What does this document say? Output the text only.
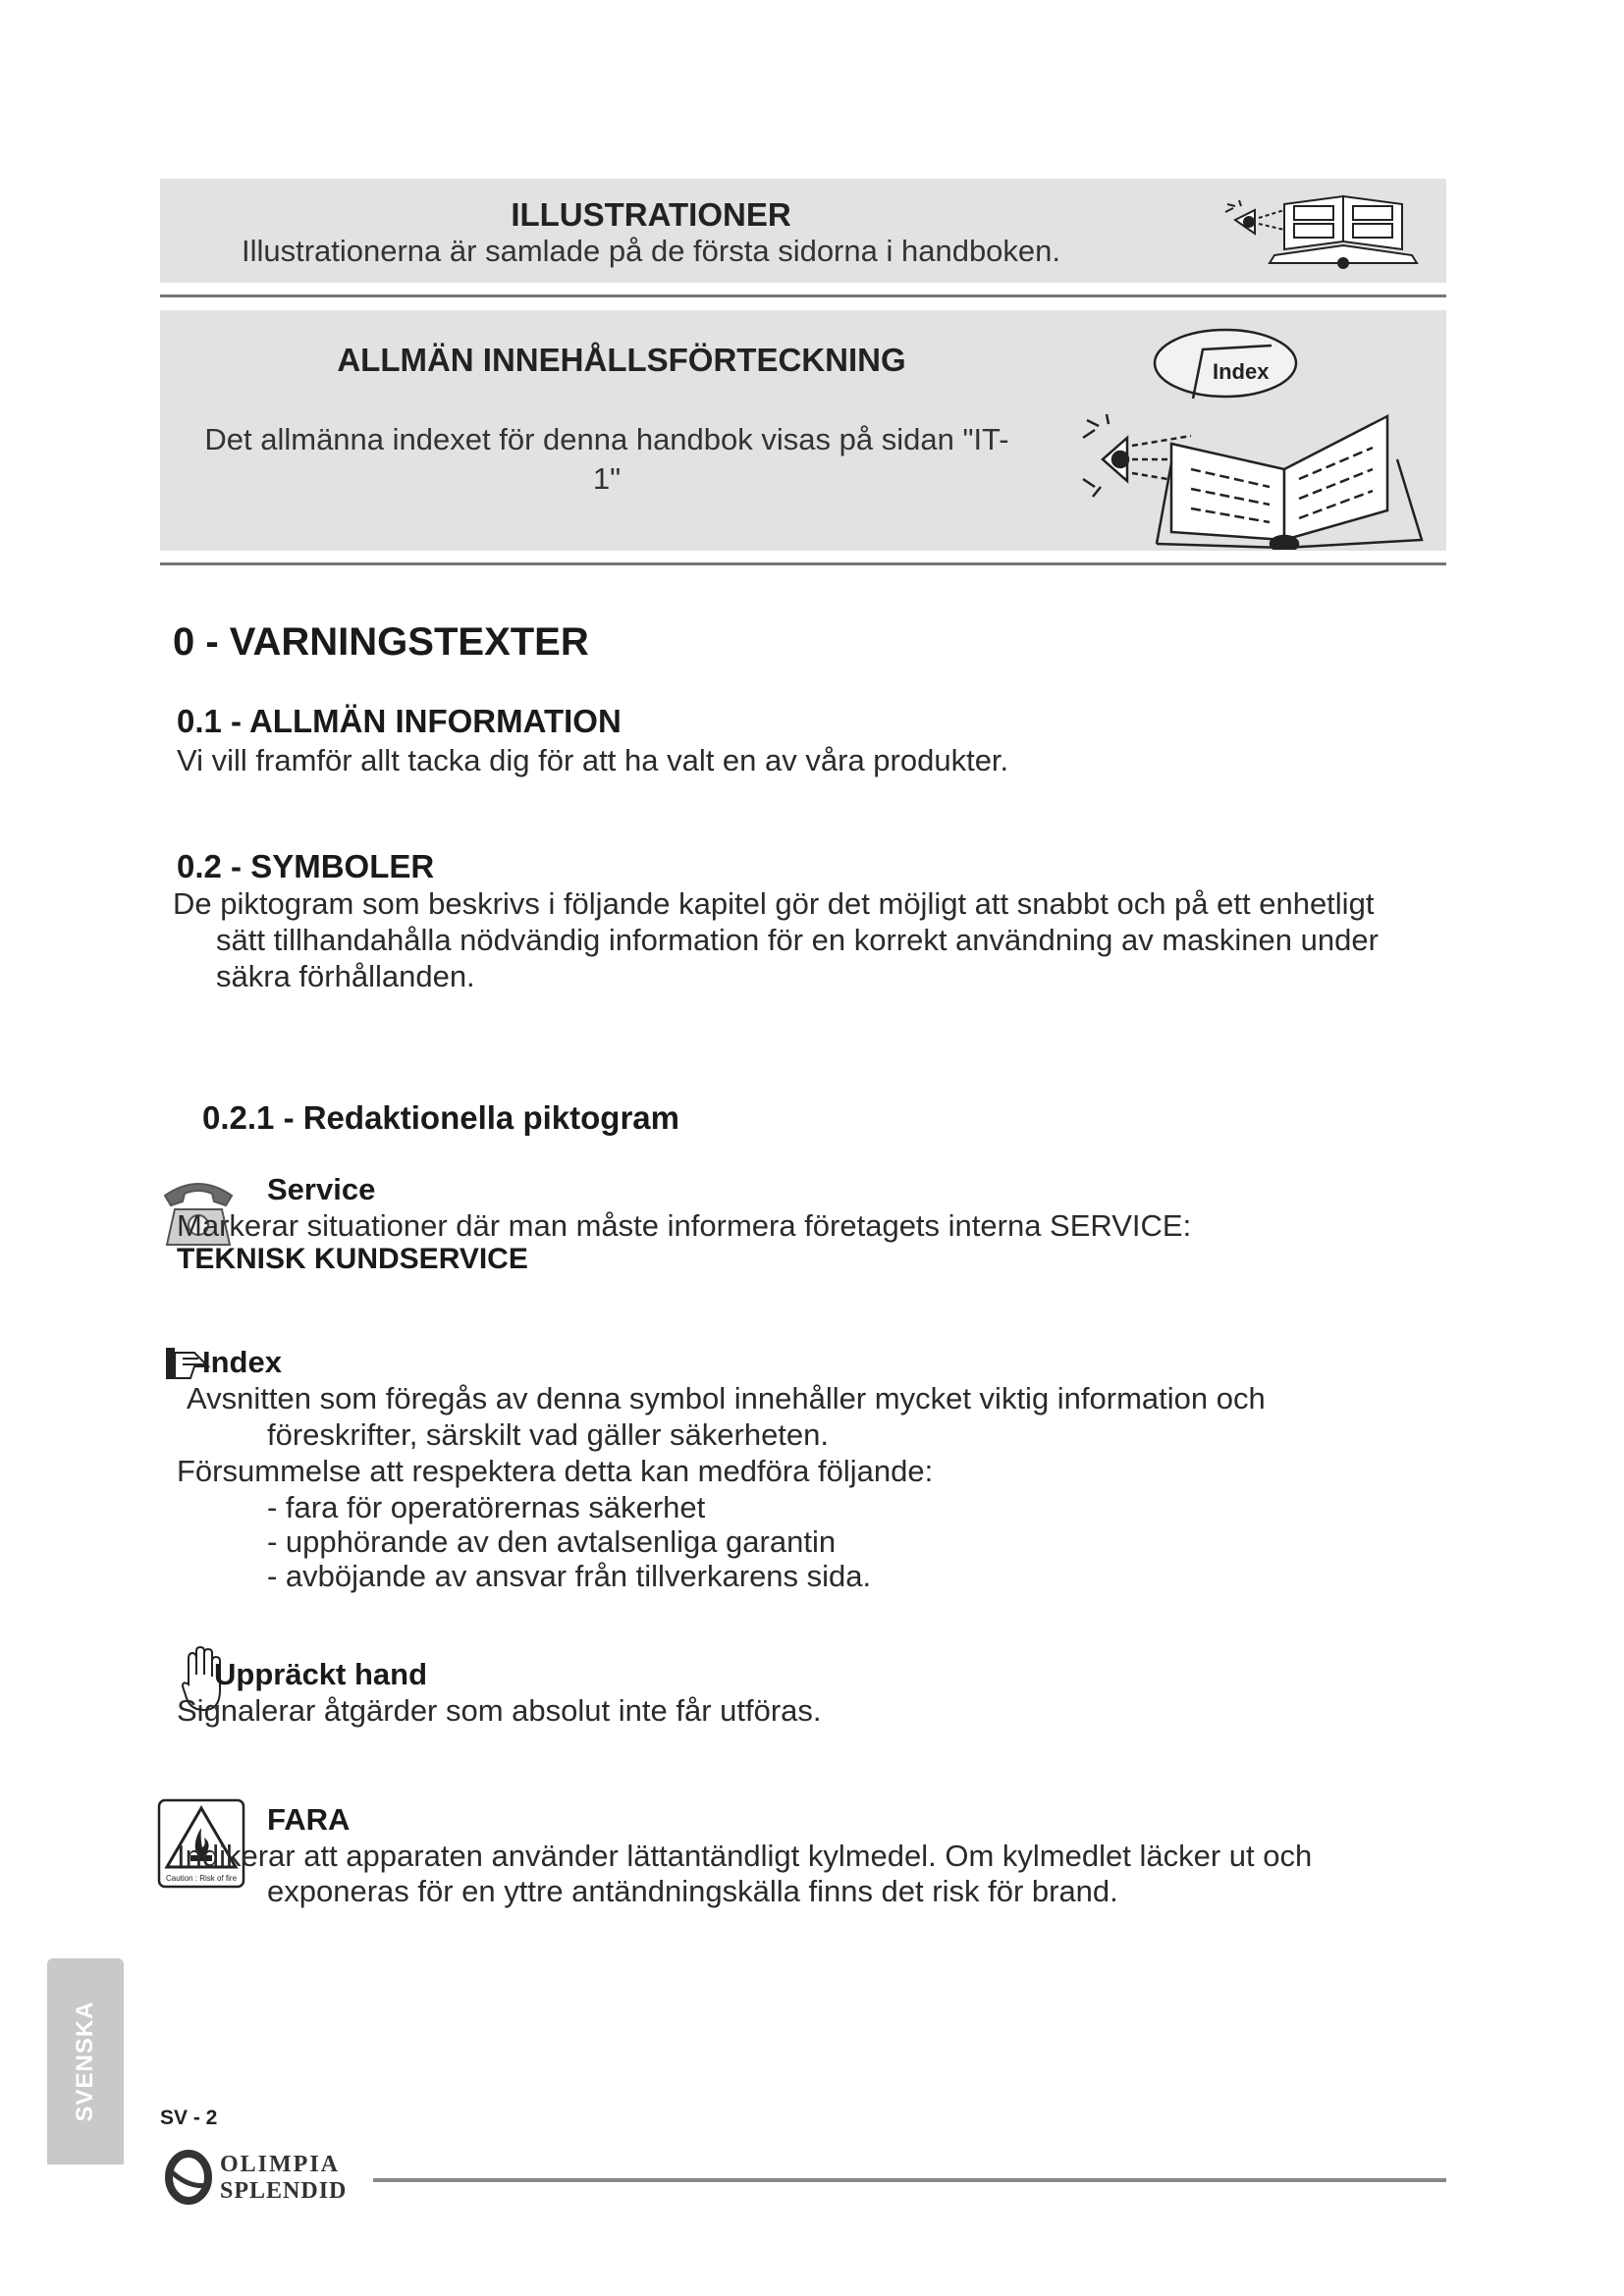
ILLUSTRATIONER
Illustrationerna är samlade på de första sidorna i handboken.
ALLMÄN INNEHÅLLSFÖRTECKNING
Det allmänna indexet för denna handbok visas på sidan "IT-
1"
Index
0 - VARNINGSTEXTER
0.1 - ALLMÄN INFORMATION
Vi vill framför allt tacka dig för att ha valt en av våra produkter.
0.2 - SYMBOLER
De piktogram som beskrivs i följande kapitel gör det möjligt att snabbt och på ett enhetligt
sätt tillhandahålla nödvändig information för en korrekt användning av maskinen under
säkra förhållanden.
0.2.1 - Redaktionella piktogram
Service
Markerar situationer där man måste informera företagets interna SERVICE:
TEKNISK KUNDSERVICE
Index
Avsnitten som föregås av denna symbol innehåller mycket viktig information och
föreskrifter, särskilt vad gäller säkerheten.
Försummelse att respektera detta kan medföra följande:
- fara för operatörernas säkerhet
- upphörande av den avtalsenliga garantin
- avböjande av ansvar från tillverkarens sida.
Uppräckt hand
Signalerar åtgärder som absolut inte får utföras.
Caution : Risk of fire
FARA
Indikerar att apparaten använder lättantändligt kylmedel. Om kylmedlet läcker ut och
exponeras för en yttre antändningskälla finns det risk för brand.
SVENSKA	SV - 2
OLIMPIA
SPLENDID
